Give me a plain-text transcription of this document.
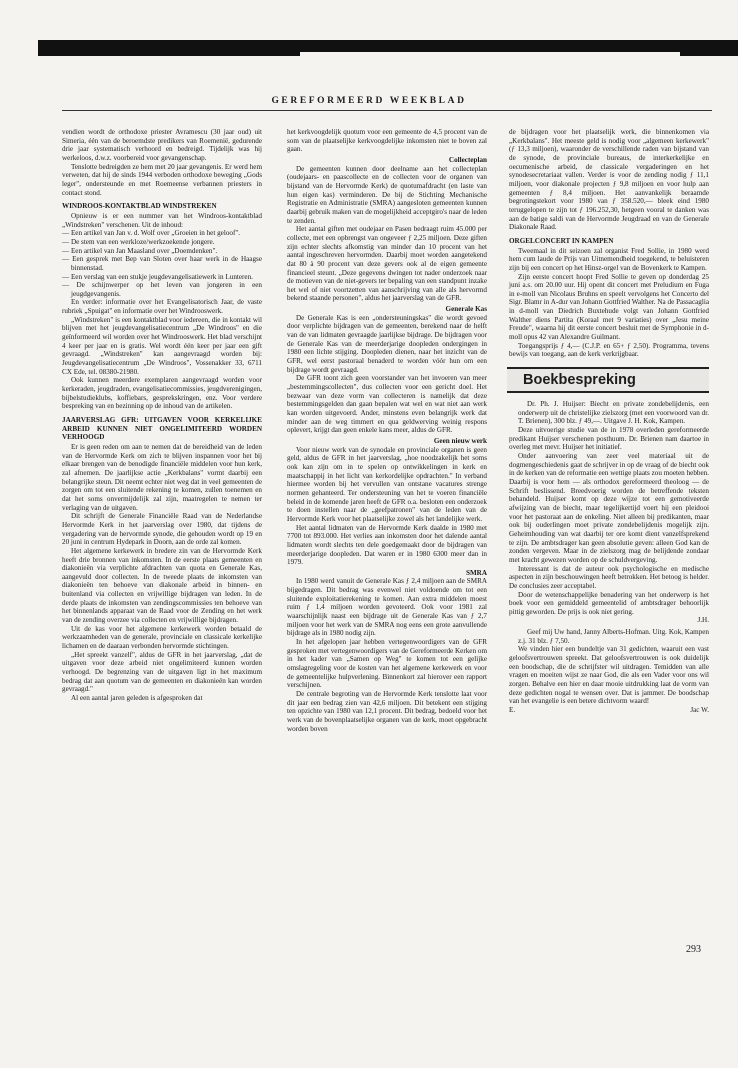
GEREFORMEERD WEEKBLAD

vendien wordt de orthodoxe priester Avramescu (30 jaar oud) uit Simeria, één van de beroemdste predikers van Roemenië, gedurende drie jaar systematisch verhoord en bedreigd. Tijdelijk was hij werkeloos, d.w.z. voorbereid voor gevangenschap.

Tenslotte bedreigden ze hem met 20 jaar gevangenis. Er werd hem verweten, dat hij de sinds 1944 verboden orthodoxe beweging „Gods leger", ondersteunde en met Roemeense verbannen priesters in contact stond.

WINDROOS-KONTAKTBLAD WINDSTREKEN

Opnieuw is er een nummer van het Windroos-kontaktblad „Windstreken" verschenen. Uit de inhoud:

— Een artikel van Jan v. d. Wolf over „Groeien in het geloof".
— De stem van een werkloze/werkzoekende jongere.
— Een artikel van Jan Maasland over „Doemdenken".
— Een gesprek met Bep van Sloten over haar werk in de Haagse binnenstad.
— Een verslag van een stukje jeugdevangelisatiewerk in Lunteren.
— De schijnwerper op het leven van jongeren in een jeugdgevangenis.

En verder: informatie over het Evangelisatorisch Jaar, de vaste rubriek „Spuigat" en informatie over het Windrooswerk.

„Windstreken" is een kontaktblad voor iedereen, die in kontakt wil blijven met het jeugdevangelisatiecentrum „De Windroos" en die geïnformeerd wil worden over het Windrooswerk. Het blad verschijnt 4 keer per jaar en is gratis. Wel wordt één keer per jaar een gift gevraagd. „Windstreken" kan aangevraagd worden bij: Jeugdevangelisatiecentrum „De Windroos", Vossenakker 33, 6711 CX Ede, tel. 08380-21980.

Ook kunnen meerdere exemplaren aangevraagd worden voor kerkeraden, jeugdraden, evangelisatiecommissies, jeugdverenigingen, bijbelstudieklubs, koffiebars, gesprekskringen, enz. Voor verdere bespreking van en bezinning op de inhoud van de artikelen.

JAARVERSLAG GFR: UITGAVEN VOOR KERKELIJKE ARBEID KUNNEN NIET ONGELIMITEERD WORDEN VERHOOGD

Er is geen reden om aan te nemen dat de bereidheid van de leden van de Hervormde Kerk om zich te blijven inspannen voor het bij elkaar brengen van de benodigde financiële middelen voor hun kerk, zal afnemen. De jaarlijkse actie „Kerkbalans" vormt daarbij een belangrijke steun. Dit neemt echter niet weg dat in veel gemeenten de zorgen om tot een sluitende rekening te komen, zullen toenemen en dat het soms onvermijdelijk zal zijn, maatregelen te nemen ter verlaging van de uitgaven.

Dit schrijft de Generale Financiële Raad van de Nederlandse Hervormde Kerk in het jaarverslag over 1980, dat tijdens de vergadering van de hervormde synode, die gehouden wordt op 19 en 20 juni in centrum Hydepark in Doorn, aan de orde zal komen.

Het algemene kerkewerk in bredere zin van de Hervormde Kerk heeft drie bronnen van inkomsten. In de eerste plaats gemeenten en diakonieën via verplichte afdrachten van quota en Generale Kas, aangevuld door collecten. In de tweede plaats de inkomsten van diakonieën ten behoeve van diakonale arbeid in binnen- en buitenland via collecten en vrijwillige bijdragen van leden. In de derde plaats de inkomsten van zendingscommissies ten behoeve van het binnenlands apparaat van de Raad voor de Zending en het werk van de zending overzee via collecten en vrijwillige bijdragen.

Uit de kas voor het algemene kerkewerk worden betaald de werkzaamheden van de generale, provinciale en classicale kerkelijke lichamen en de daaraan verbonden hervormde stichtingen.

„Het spreekt vanzelf", aldus de GFR in het jaarverslag, „dat de uitgaven voor deze arbeid niet ongelimiteerd kunnen worden verhoogd. De begrenzing van de uitgaven ligt in het maximum bedrag dat aan quotum van de gemeenten en diakonieën kan worden gevraagd."

Al een aantal jaren geleden is afgesproken dat

het kerkvoogdelijk quotum voor een gemeente de 4,5 procent van de som van de plaatselijke kerkvoogdelijke inkomsten niet te boven zal gaan.

Collecteplan

De gemeenten kunnen door deelname aan het collecteplan (oudejaars- en paascollecte en de collecten voor de organen van bijstand van de Hervormde Kerk) de quotumafdracht (en laste van hun eigen kas) verminderen. De bij de Stichting Mechanische Registratie en Administratie (SMRA) aangesloten gemeenten kunnen daarbij gebruik maken van de mogelijkheid acceptgiro's naar de leden te zenden.

Het aantal giften met oudejaar en Pasen bedraagt ruim 45.000 per collecte, met een opbrengst van ongeveer ƒ 2,25 miljoen. Deze giften zijn echter slechts afkomstig van minder dan 10 procent van het aantal ingeschreven hervormden. Daarbij moet worden aangetekend dat 80 à 90 procent van deze gevers ook al de eigen gemeente financieel steunt. „Deze gegevens dwingen tot nader onderzoek naar de motieven van de niet-gevers ter bepaling van een standpunt inzake het wel of niet voortzetten van aanschrijving van alle als hervormd bekend staande personen", aldus het jaarverslag van de GFR.

Generale Kas

De Generale Kas is een „ondersteuningskas" die wordt gevoed door verplichte bijdragen van de gemeenten, berekend naar de helft van de van lidmaten gevraagde jaarlijkse bijdrage. De bijdragen voor de Generale Kas van de meerderjarige doopleden ondergingen in 1980 een lichte stijging. Doopleden dienen, naar het inzicht van de GFR, wel eerst pastoraal benaderd te worden vóór hun om een bijdrage wordt gevraagd.

De GFR toont zich geen voorstander van het invoeren van meer „bestemmingscollecten", dus collecten voor een gericht doel. Het bezwaar van deze vorm van collecteren is namelijk dat deze bestemmingsgelden dan gaan bepalen wat wel en wat niet aan werk kan worden uitgevoerd. Ander, minstens even belangrijk werk dat minder aan de weg timmert en qua geldwerving weinig respons oplevert, krijgt dan geen enkele kans meer, aldus de GFR.

Geen nieuw werk

Voor nieuw werk van de synodale en provinciale organen is geen geld, aldus de GFR in het jaarverslag, „hoe noodzakelijk het soms ook kan zijn om in te spelen op ontwikkelingen in kerk en maatschappij in het licht van kerkordelijke opdrachten." In verband hiermee worden bij het vervullen van ontstane vacatures strenge normen gehanteerd. Ter ondersteuning van het te voeren financiële beleid in de komende jaren heeft de GFR o.a. besloten een onderzoek te doen instellen naar de „geefpatronen" van de leden van de Hervormde Kerk voor het plaatselijke zowel als het landelijke werk.

Het aantal lidmaten van de Hervormde Kerk daalde in 1980 met 7700 tot 893.000. Het verlies aan inkomsten door het dalende aantal lidmaten wordt slechts ten dele goedgemaakt door de bijdragen van meerderjarige doopleden. Dat waren er in 1980 6300 meer dan in 1979.

SMRA

In 1980 werd vanuit de Generale Kas ƒ 2,4 miljoen aan de SMRA bijgedragen. Dit bedrag was evenwel niet voldoende om tot een sluitende exploitatierekening te komen. Aan extra middelen moest ruim ƒ 1,4 miljoen worden gevoteerd. Ook voor 1981 zal waarschijnlijk naast een bijdrage uit de Generale Kas van ƒ 2,7 miljoen voor het werk van de SMRA nog eens een grote aanvullende bijdrage als in 1980 nodig zijn.

In het afgelopen jaar hebben vertegenwoordigers van de GFR gesproken met vertegenwoordigers van de Gereformeerde Kerken om in het kader van „Samen op Weg" te komen tot een gelijke omslagregeling voor de kosten van het algemene kerkewerk en voor de gemeentelijke hulpverlening. Binnenkort zal hierover een rapport verschijnen.

De centrale begroting van de Hervormde Kerk tenslotte laat voor dit jaar een bedrag zien van 42,6 miljoen. Dit betekent een stijging ten opzichte van 1980 van 12,1 procent. Dit bedrag, bedoeld voor het werk van de bovenplaatselijke organen van de kerk, moet opgebracht worden boven

de bijdragen voor het plaatselijk werk, die binnenkomen via „Kerkbalans". Het meeste geld is nodig voor „algemeen kerkewerk" (ƒ 13,3 miljoen), waaronder de verschillende raden van bijstand van de synode, de provinciale bureaus, de interkerkelijke en oecumenische arbeid, de classicale vergaderingen en het synodesecretariaat vallen. Verder is voor de zending nodig ƒ 11,1 miljoen, voor diakonale projecten ƒ 9,8 miljoen en voor hulp aan gemeenten ƒ 8,4 miljoen. Het aanvankelijk beraamde begrotingstekort voor 1980 van ƒ 358.520,— bleek eind 1980 teruggelopen te zijn tot ƒ 196.252,30, hetgeen vooral te danken was aan de batige saldi van de Hervormde Jeugdraad en van de Generale Diakonale Raad.

ORGELCONCERT IN KAMPEN

Tweemaal in dit seizoen zal organist Fred Sollie, in 1980 werd hem cum laude de Prijs van Uitnemendheid toegekend, te beluisteren zijn bij een concert op het Hinsz-orgel van de Bovenkerk te Kampen.

Zijn eerste concert hoopt Fred Sollie te geven op donderdag 25 juni a.s. om 20.00 uur. Hij opent dit concert met Preludium en Fuga in e-moll van Nicolaus Bruhns en speelt vervolgens het Concerto del Sigr. Blamr in A-dur van Johann Gottfried Walther. Na de Passacaglia in d-moll van Diedrich Buxtehude volgt van Johann Gottfried Walther diens Partita (Koraal met 9 variaties) over „Jesu meine Freude", waarna hij dit eerste concert besluit met de Symphonie in d-moll opus 42 van Alexandre Guilmant.

Toegangsprijs ƒ 4,— (C.J.P. en 65+ ƒ 2,50). Programma, tevens bewijs van toegang, aan de kerk verkrijgbaar.

Boekbespreking

Dr. Ph. J. Huijser: Biecht en private zondebelijdenis, een onderwerp uit de christelijke zielszorg (met een voorwoord van dr. T. Brienen), 300 blz. ƒ 49,—. Uitgave J. H. Kok, Kampen.

Deze uitvoerige studie van de in 1978 overleden gereformeerde predikant Huijser verschenen posthuum. Dr. Brienen nam daartoe in overleg met mevr. Huijser het initiatief.

Onder aanvoering van zeer veel materiaal uit de dogmengeschiedenis gaat de schrijver in op de vraag of de biecht ook in de kerken van de reformatie een wettige plaats zou moeten hebben. Daarbij is voor hem — als orthodox gereformeerd theoloog — de Schrift beslissend. Breedvoerig worden de betreffende teksten behandeld. Huijser komt op deze wijze tot een gemotiveerde afwijzing van de biecht, maar tegelijkertijd voert hij een pleidooi voor het pastoraat aan de enkeling. Niet alleen bij predikanten, maar ook bij ouderlingen moet private zondebelijdenis mogelijk zijn. Geheimhouding van wat daarbij ter ore komt dient vanzelfsprekend te zijn. De ambtsdrager kan geen absolutie geven: alleen God kan de zonden vergeven. Maar in de zielszorg mag de belijdende zondaar met kracht gewezen worden op de schuldvergeving.

Interessant is dat de auteur ook psychologische en medische aspecten in zijn beschouwingen heeft betrokken. Het betoog is helder. De conclusies zeer acceptabel.

Door de wetenschappelijke benadering van het onderwerp is het boek voor een gemiddeld gemeentelid of ambtsdrager behoorlijk pittig geworden. De prijs is ook niet gering.

J.H.

Geef mij Uw hand, Janny Alberts-Hofman. Uitg. Kok, Kampen z.j. 31 blz. ƒ 7,50.

We vinden hier een bundeltje van 31 gedichten, waaruit een vast geloofsvertrouwen spreekt. Dat geloofsvertrouwen is ook duidelijk een boodschap, die de schrijfster wil uitdragen. Temidden van alle vragen en moeiten wijst ze naar God, die als een Vader voor ons wil zorgen. Behalve een hier en daar mooie uitdrukking laat de vorm van deze gedichten nogal te wensen over. Dat is jammer. De boodschap van het evangelie is een betere dichtvorm waard!

E.	Jac W.
293
